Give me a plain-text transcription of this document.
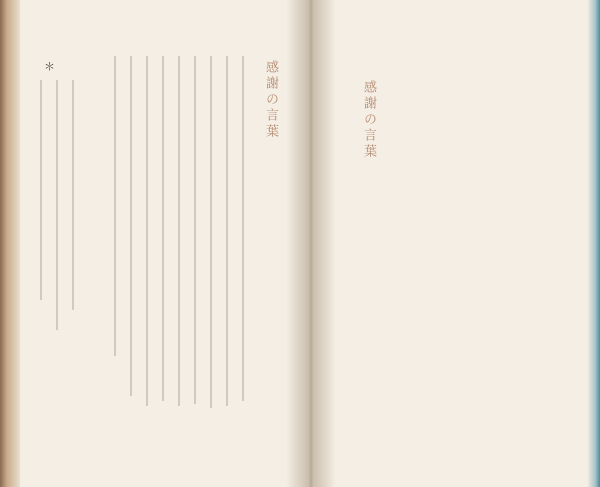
＊	感謝の言葉	感謝の言葉
